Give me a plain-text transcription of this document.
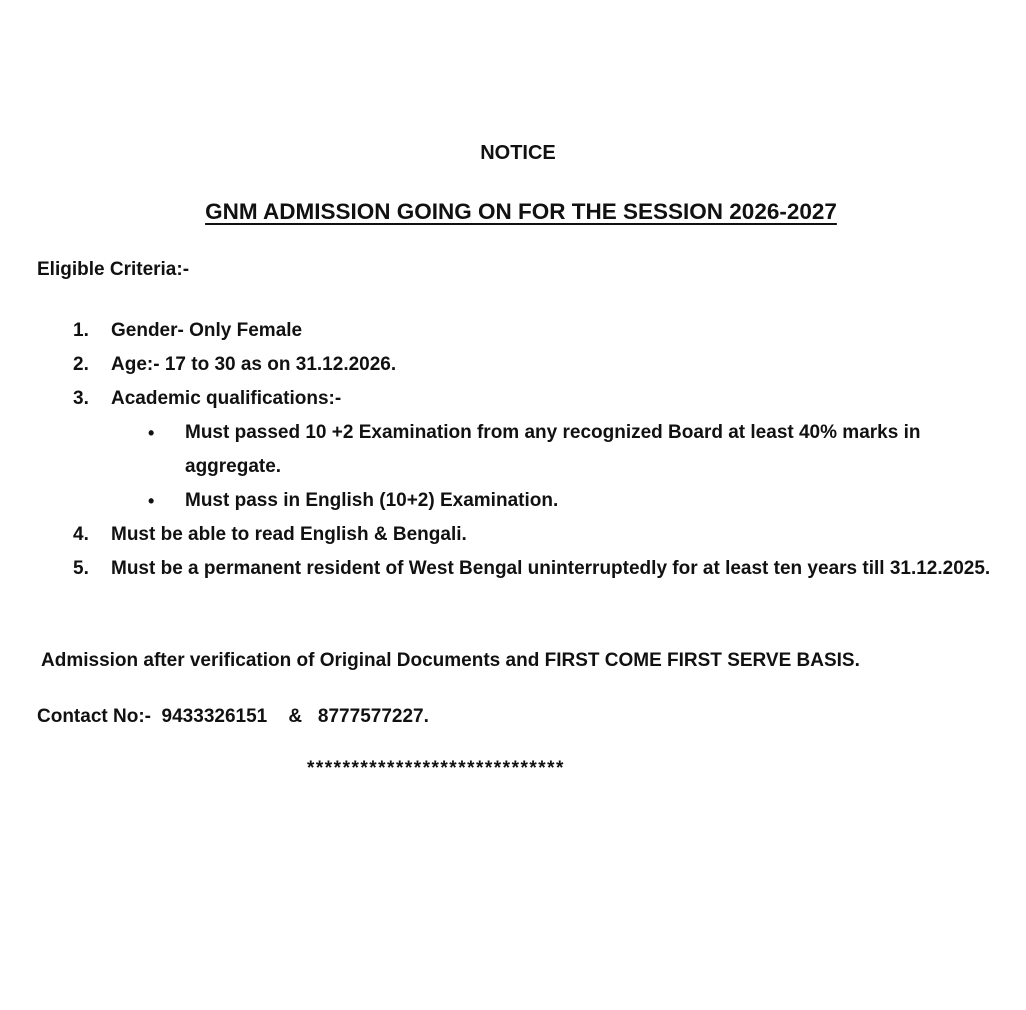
NOTICE
GNM ADMISSION GOING ON FOR THE SESSION 2026-2027
Eligible Criteria:-
1. Gender- Only Female
2. Age:- 17 to 30 as on 31.12.2026.
3. Academic qualifications:-
• Must passed 10 +2 Examination from any recognized Board at least 40% marks in aggregate.
• Must pass in English (10+2) Examination.
4. Must be able to read English & Bengali.
5. Must be a permanent resident of West Bengal uninterruptedly for at least ten years till 31.12.2025.
Admission after verification of Original Documents and FIRST COME FIRST SERVE BASIS.
Contact No:- 9433326151 & 8777577227.
*****************************
